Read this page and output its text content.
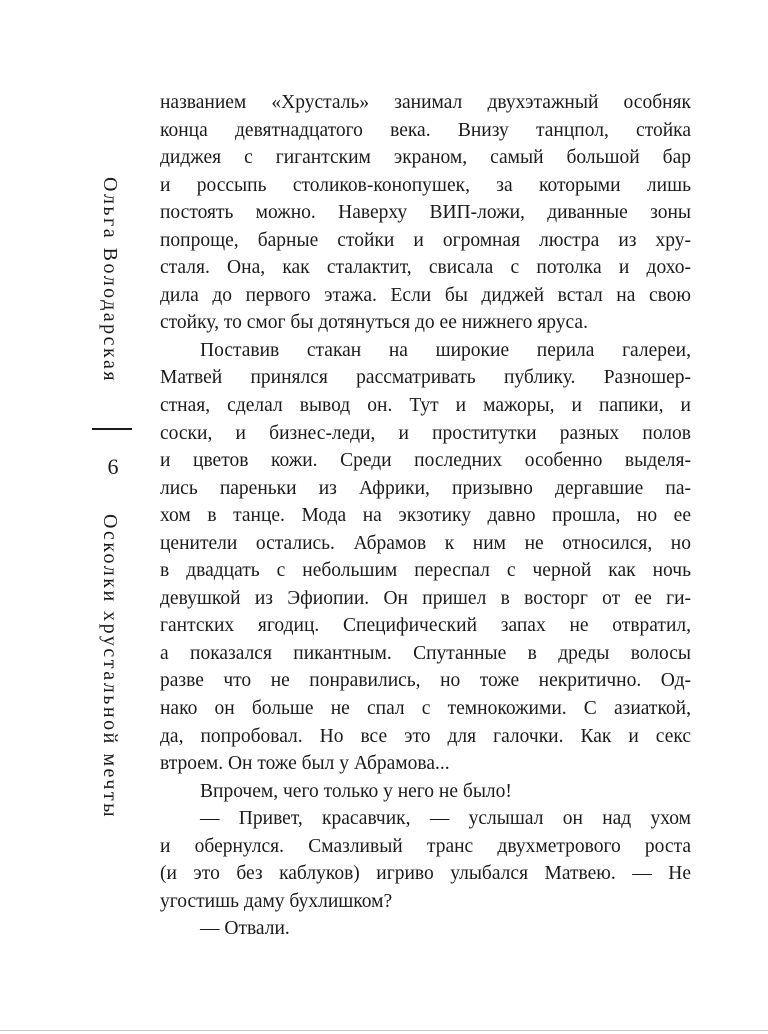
Ольга Володарская
6
Осколки хрустальной мечты
названием «Хрусталь» занимал двухэтажный особняк
конца девятнадцатого века. Внизу танцпол, стойка
диджея с гигантским экраном, самый большой бар
и россыпь столиков-конопушек, за которыми лишь
постоять можно. Наверху ВИП-ложи, диванные зоны
попроще, барные стойки и огромная люстра из хру-
сталя. Она, как сталактит, свисала с потолка и дохо-
дила до первого этажа. Если бы диджей встал на свою
стойку, то смог бы дотянуться до ее нижнего яруса.
Поставив стакан на широкие перила галереи,
Матвей принялся рассматривать публику. Разношер-
стная, сделал вывод он. Тут и мажоры, и папики, и
соски, и бизнес-леди, и проститутки разных полов
и цветов кожи. Среди последних особенно выделя-
лись пареньки из Африки, призывно дергавшие па-
хом в танце. Мода на экзотику давно прошла, но ее
ценители остались. Абрамов к ним не относился, но
в двадцать с небольшим переспал с черной как ночь
девушкой из Эфиопии. Он пришел в восторг от ее ги-
гантских ягодиц. Специфический запах не отвратил,
а показался пикантным. Спутанные в дреды волосы
разве что не понравились, но тоже некритично. Од-
нако он больше не спал с темнокожими. С азиаткой,
да, попробовал. Но все это для галочки. Как и секс
втроем. Он тоже был у Абрамова...
Впрочем, чего только у него не было!
— Привет, красавчик, — услышал он над ухом
и обернулся. Смазливый транс двухметрового роста
(и это без каблуков) игриво улыбался Матвею. — Не
угостишь даму бухлишком?
— Отвали.
